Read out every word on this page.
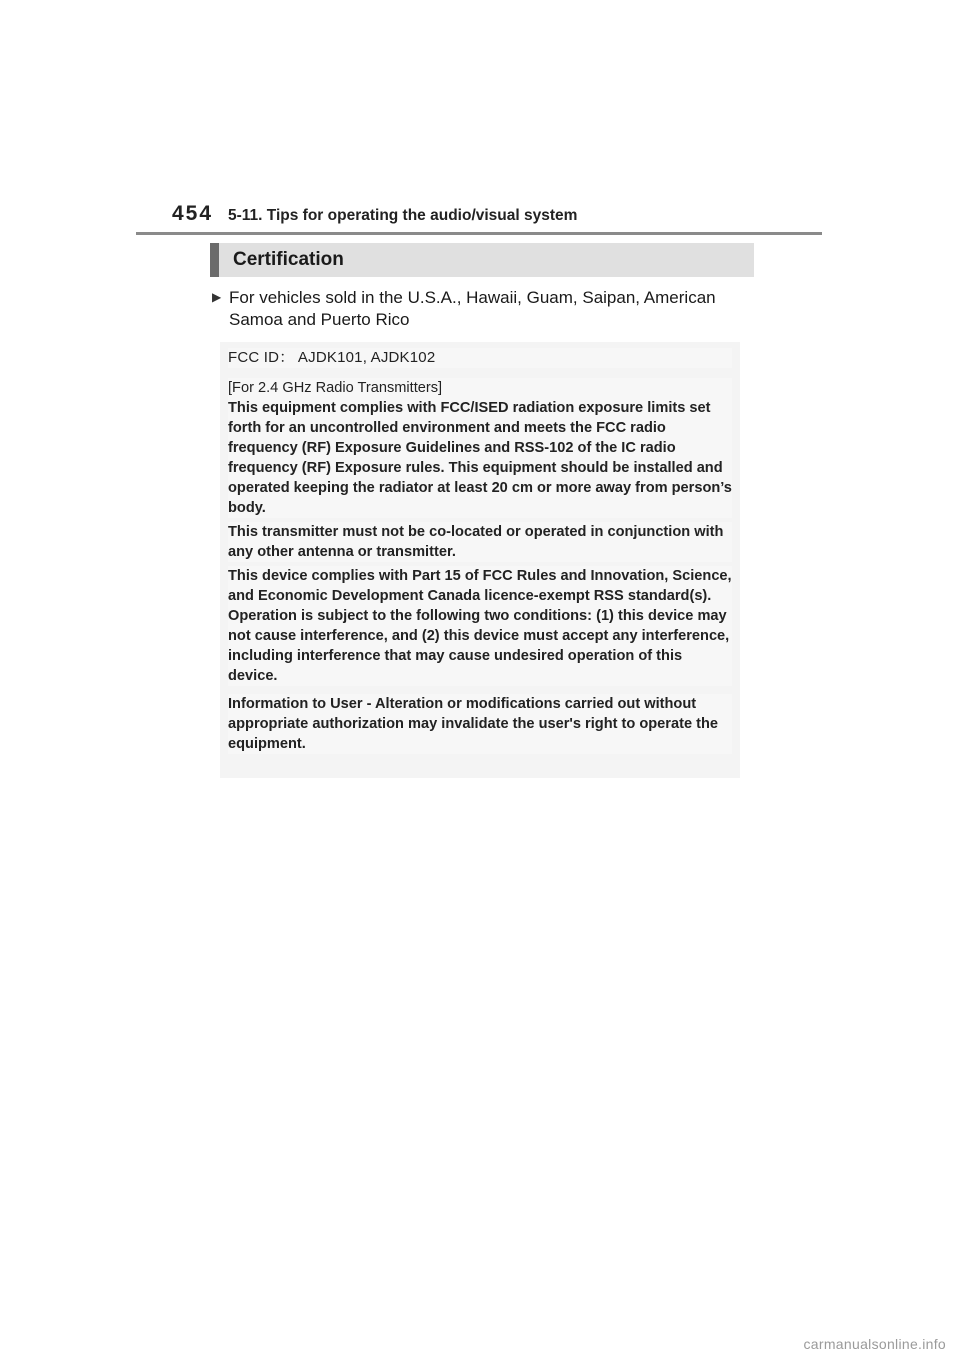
454 5-11. Tips for operating the audio/visual system
Certification
▶ For vehicles sold in the U.S.A., Hawaii, Guam, Saipan, American Samoa and Puerto Rico
FCC ID： AJDK101, AJDK102
[For 2.4 GHz Radio Transmitters]
This equipment complies with FCC/ISED radiation exposure limits set forth for an uncontrolled environment and meets the FCC radio frequency (RF) Exposure Guidelines and RSS-102 of the IC radio frequency (RF) Exposure rules. This equipment should be installed and operated keeping the radiator at least 20 cm or more away from person’s body.
This transmitter must not be co-located or operated in conjunction with any other antenna or transmitter.
This device complies with Part 15 of FCC Rules and Innovation, Science, and Economic Development Canada licence-exempt RSS standard(s). Operation is subject to the following two conditions: (1) this device may not cause interference, and (2) this device must accept any interference, including interference that may cause undesired operation of this device.
Information to User - Alteration or modifications carried out without appropriate authorization may invalidate the user's right to operate the equipment.
carmanualsonline.info
